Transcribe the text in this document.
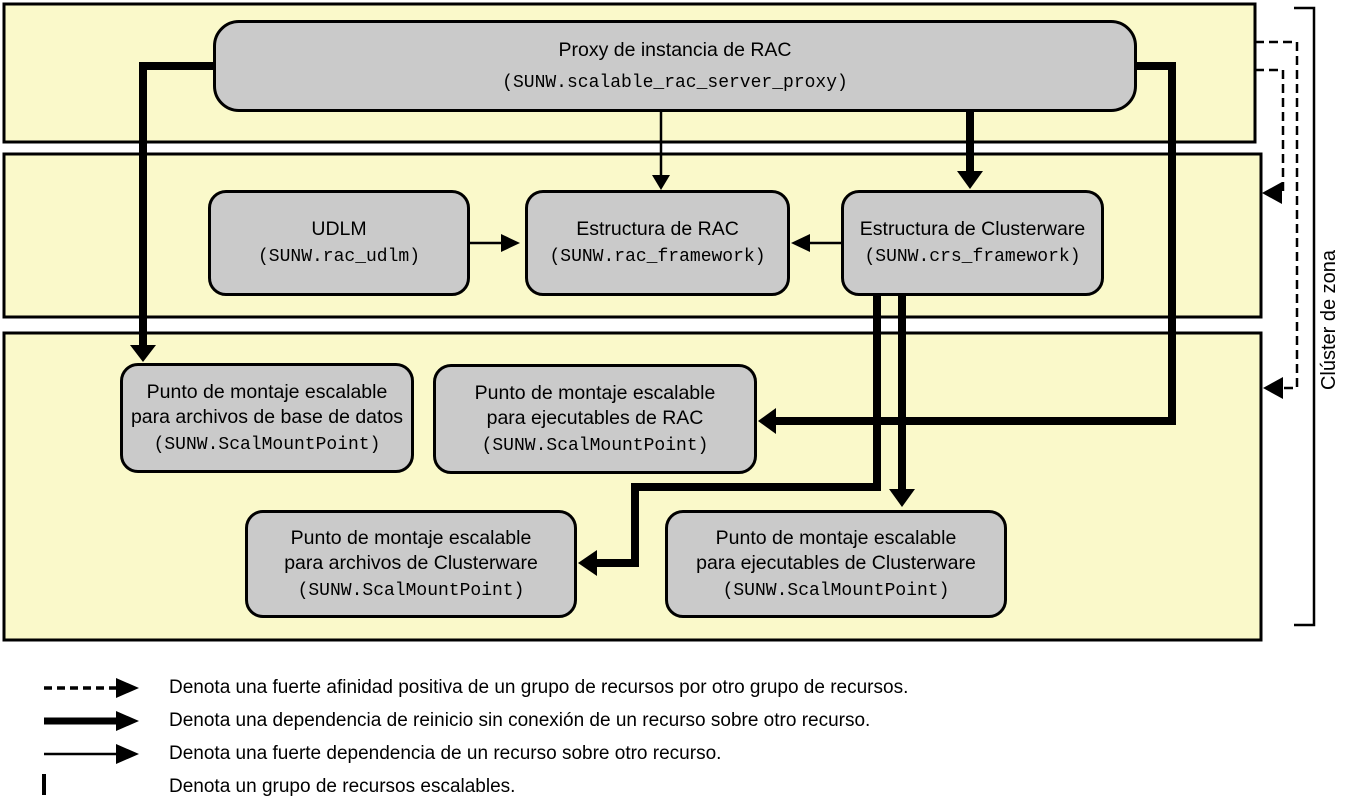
Proxy de instancia de RAC
(SUNW.scalable_rac_server_proxy)
UDLM
(SUNW.rac_udlm)
Estructura de RAC
(SUNW.rac_framework)
Estructura de Clusterware
(SUNW.crs_framework)
Punto de montaje escalable
para archivos de base de datos
(SUNW.ScalMountPoint)
Punto de montaje escalable
para ejecutables de RAC
(SUNW.ScalMountPoint)
Punto de montaje escalable
para archivos de Clusterware
(SUNW.ScalMountPoint)
Punto de montaje escalable
para ejecutables de Clusterware
(SUNW.ScalMountPoint)
Clúster de zona
Denota una fuerte afinidad positiva de un grupo de recursos por otro grupo de recursos.
Denota una dependencia de reinicio sin conexión de un recurso sobre otro recurso.
Denota una fuerte dependencia de un recurso sobre otro recurso.
Denota un grupo de recursos escalables.
